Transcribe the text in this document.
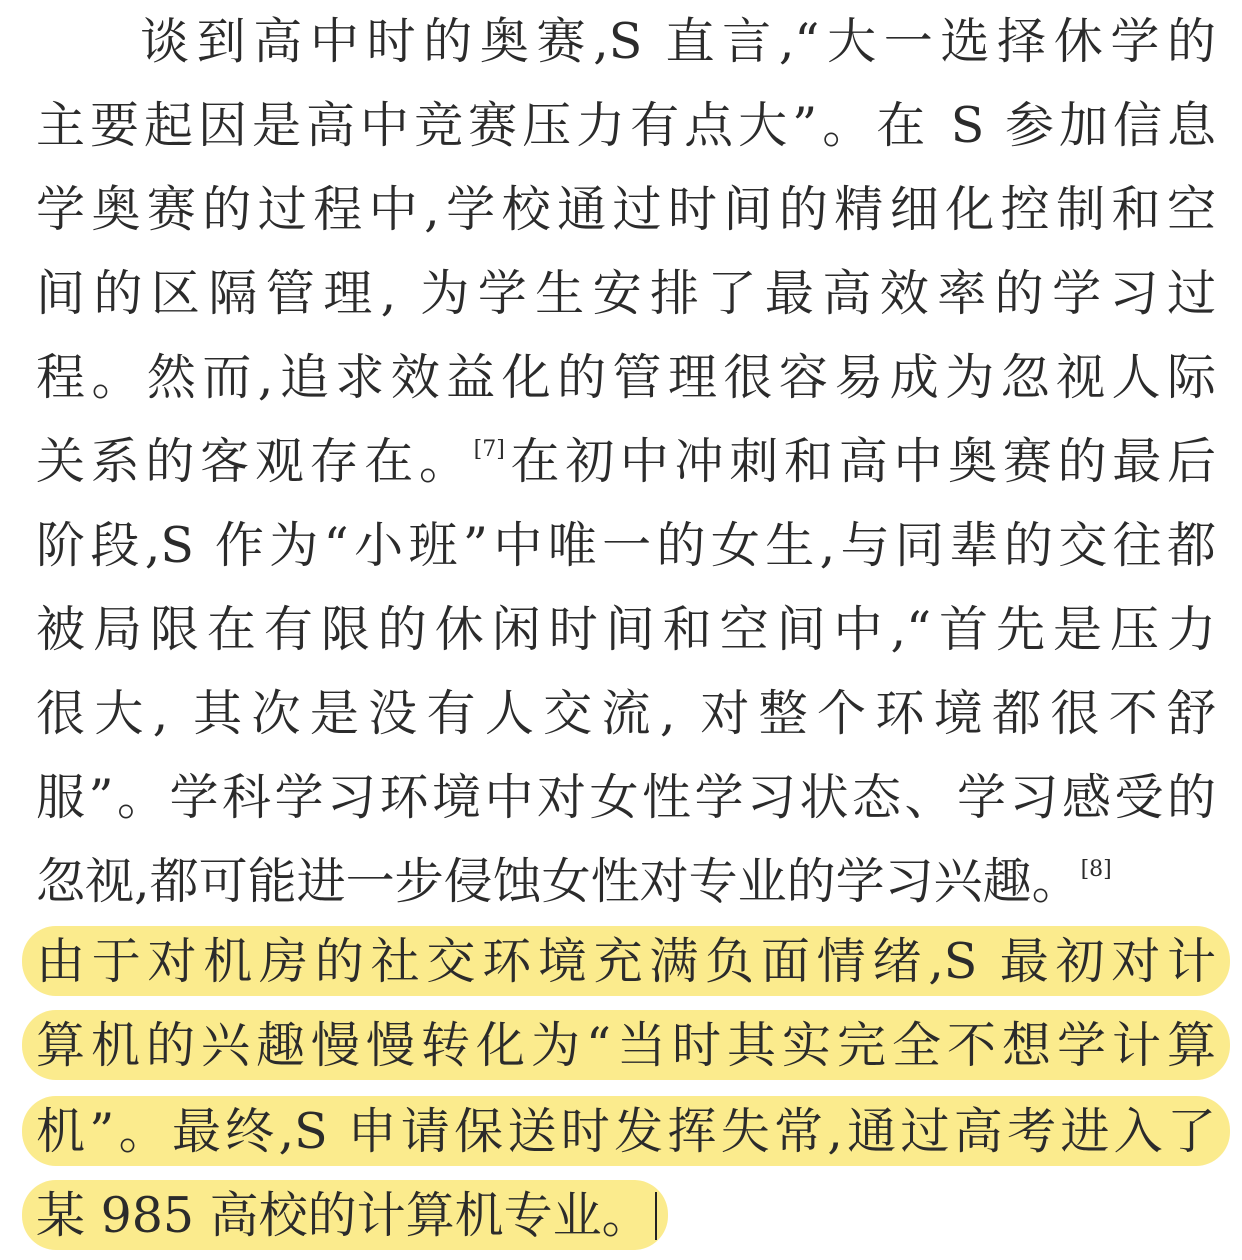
谈到高中时的奥赛,S 直言,“大一选择休学的
主要起因是高中竞赛压力有点大”。在 S 参加信息
学奥赛的过程中,学校通过时间的精细化控制和空
间的区隔管理, 为学生安排了最高效率的学习过
程。然而,追求效益化的管理很容易成为忽视人际
关系的客观存在。[7]在初中冲刺和高中奥赛的最后
阶段,S 作为“小班”中唯一的女生,与同辈的交往都
被局限在有限的休闲时间和空间中,“首先是压力
很大, 其次是没有人交流, 对整个环境都很不舒
服”。学科学习环境中对女性学习状态、学习感受的
忽视,都可能进一步侵蚀女性对专业的学习兴趣。[8]
由于对机房的社交环境充满负面情绪,S 最初对计
算机的兴趣慢慢转化为“当时其实完全不想学计算
机”。最终,S 申请保送时发挥失常,通过高考进入了
某 985 高校的计算机专业。
